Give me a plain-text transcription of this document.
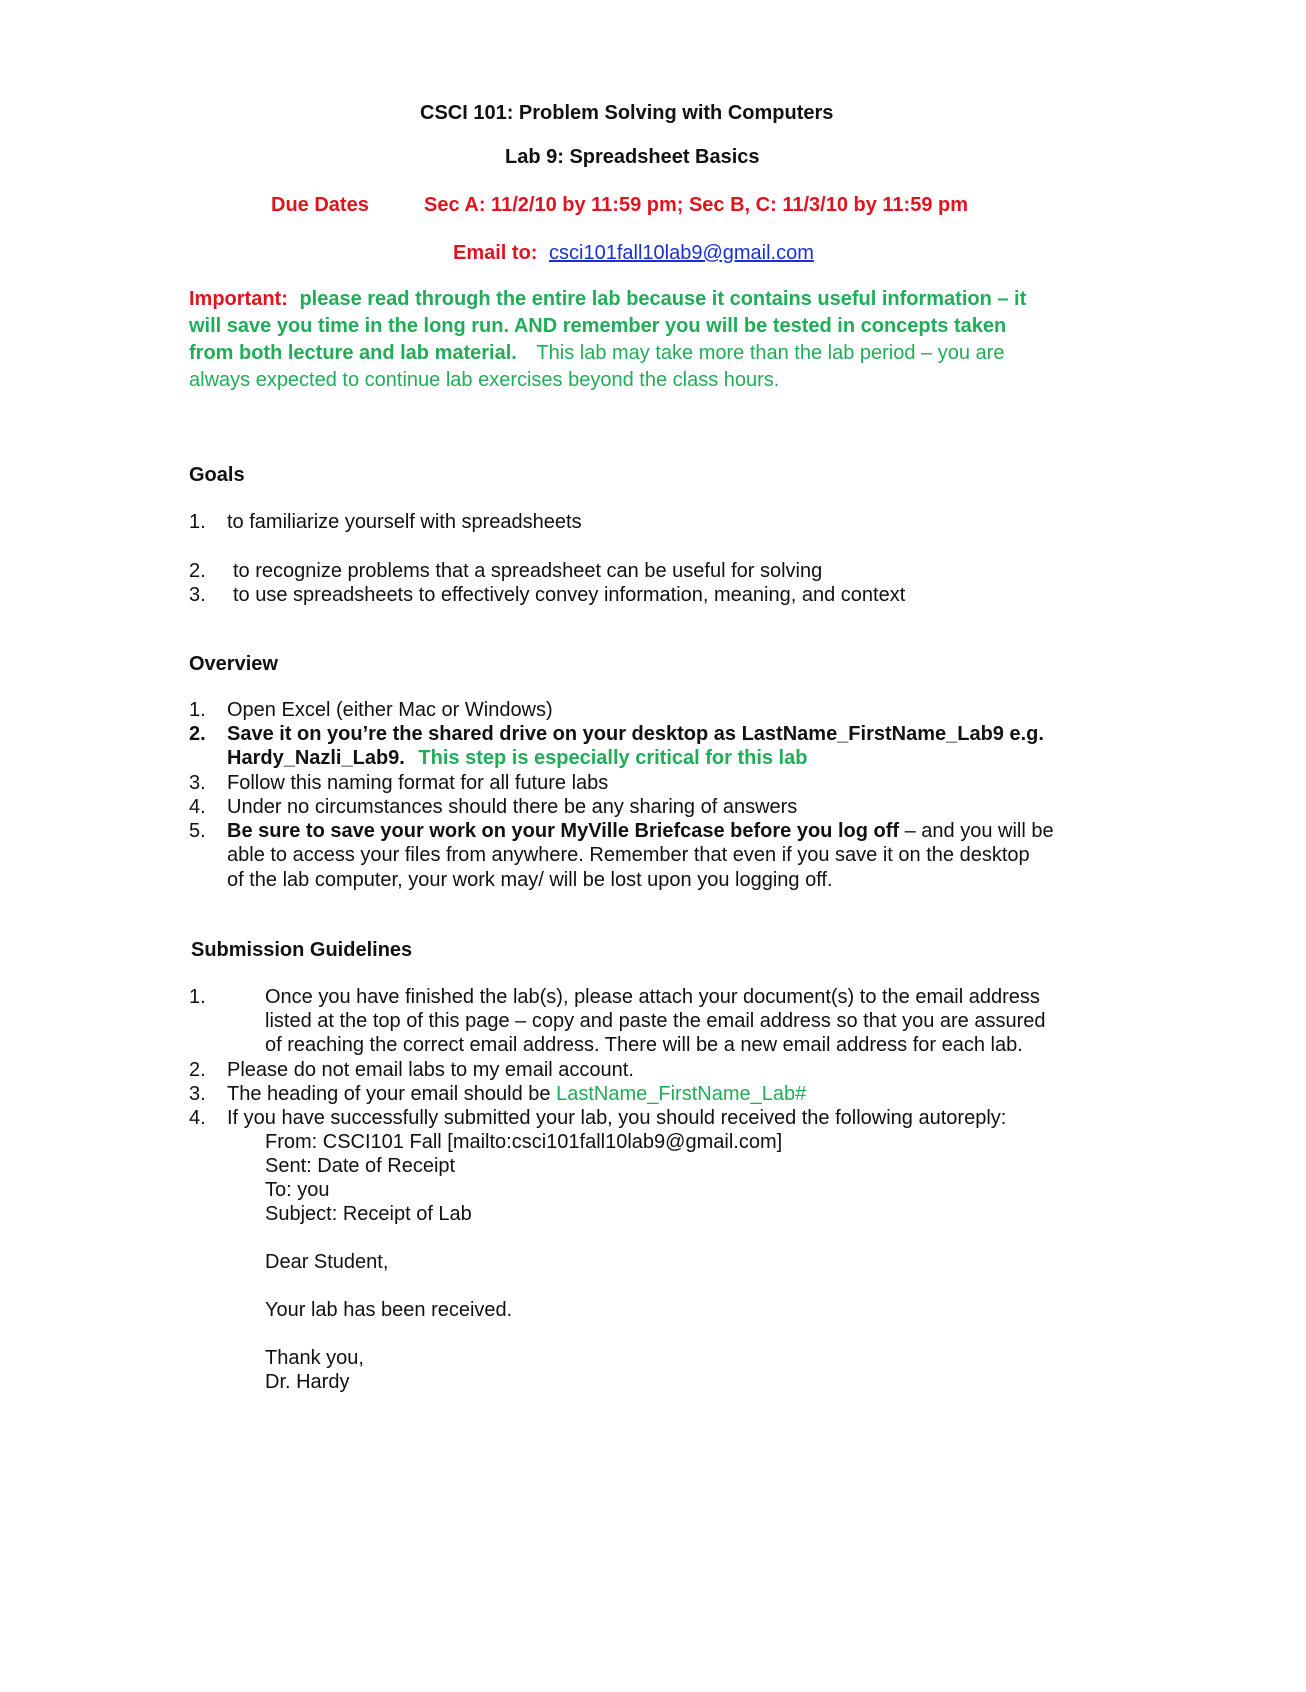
CSCI 101: Problem Solving with Computers
Lab 9: Spreadsheet Basics
Due Dates	Sec A: 11/2/10 by 11:59 pm; Sec B, C: 11/3/10 by 11:59 pm
Email to: csci101fall10lab9@gmail.com

Important: please read through the entire lab because it contains useful information – it

will save you time in the long run. AND remember you will be tested in concepts taken

from both lecture and lab material. This lab may take more than the lab period – you are

always expected to continue lab exercises beyond the class hours.

Goals
1. to familiarize yourself with spreadsheets
2. to recognize problems that a spreadsheet can be useful for solving
3. to use spreadsheets to effectively convey information, meaning, and context
Overview
1. Open Excel (either Mac or Windows)
2. Save it on you’re the shared drive on your desktop as LastName_FirstName_Lab9 e.g.
Hardy_Nazli_Lab9. This step is especially critical for this lab
3. Follow this naming format for all future labs
4. Under no circumstances should there be any sharing of answers
5. Be sure to save your work on your MyVille Briefcase before you log off – and you will be
able to access your files from anywhere. Remember that even if you save it on the desktop
of the lab computer, your work may/ will be lost upon you logging off.
Submission Guidelines
1.	Once you have finished the lab(s), please attach your document(s) to the email address
listed at the top of this page – copy and paste the email address so that you are assured
of reaching the correct email address. There will be a new email address for each lab.
2. Please do not email labs to my email account.
3. The heading of your email should be LastName_FirstName_Lab#
4. If you have successfully submitted your lab, you should received the following autoreply:
From: CSCI101 Fall [mailto:csci101fall10lab9@gmail.com]
Sent: Date of Receipt
To: you
Subject: Receipt of Lab
Dear Student,
Your lab has been received.
Thank you,
Dr. Hardy
